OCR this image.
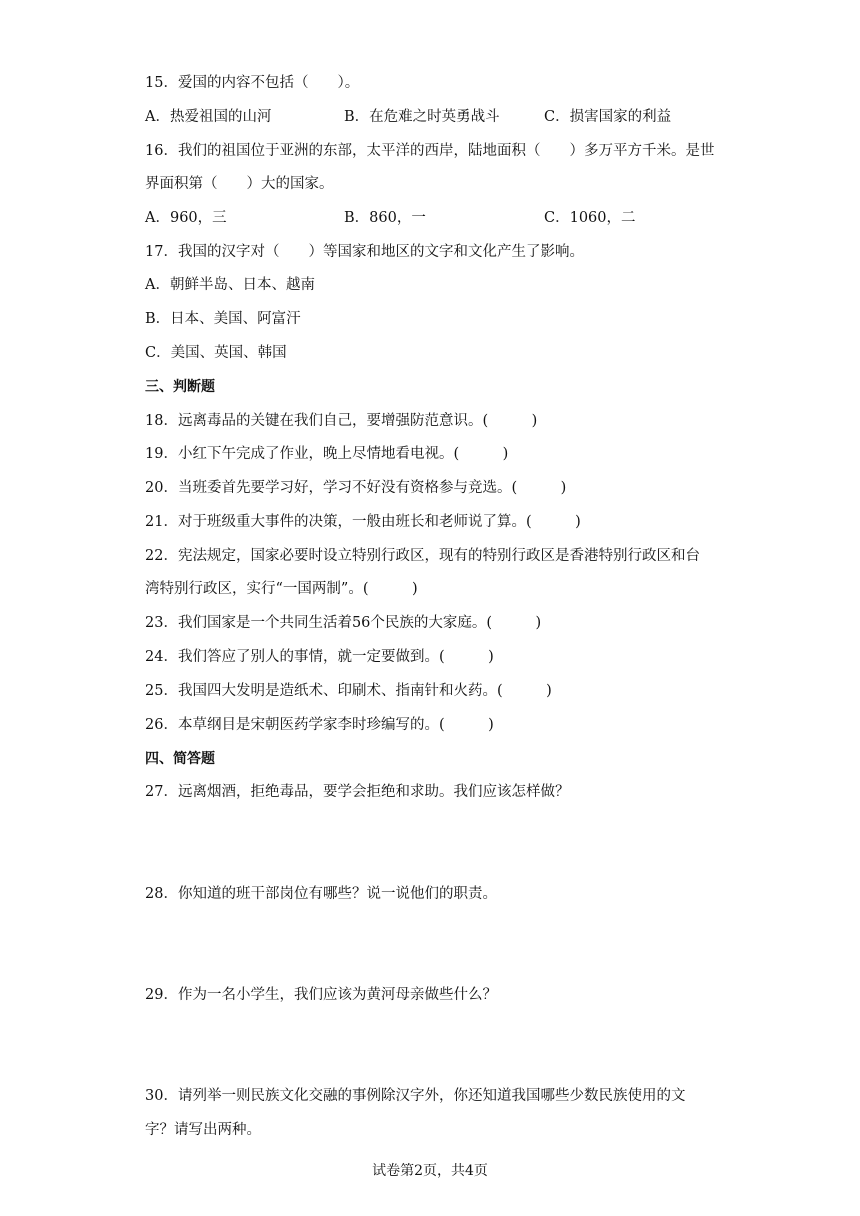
15．爱国的内容不包括（　　）。
A．热爱祖国的山河	B．在危难之时英勇战斗	C．损害国家的利益
16．我们的祖国位于亚洲的东部，太平洋的西岸，陆地面积（　　）多万平方千米。是世
界面积第（　　）大的国家。
A．960，三	B．860，一	C．1060，二
17．我国的汉字对（　　）等国家和地区的文字和文化产生了影响。
A．朝鲜半岛、日本、越南
B．日本、美国、阿富汗
C．美国、英国、韩国
三、判断题
18．远离毒品的关键在我们自己，要增强防范意识。(　　　)
19．小红下午完成了作业，晚上尽情地看电视。(　　　)
20．当班委首先要学习好，学习不好没有资格参与竞选。(　　　)
21．对于班级重大事件的决策，一般由班长和老师说了算。(　　　)
22．宪法规定，国家必要时设立特别行政区，现有的特别行政区是香港特别行政区和台
湾特别行政区，实行“一国两制”。(　　　)
23．我们国家是一个共同生活着56个民族的大家庭。(　　　)
24．我们答应了别人的事情，就一定要做到。(　　　)
25．我国四大发明是造纸术、印刷术、指南针和火药。(　　　)
26．本草纲目是宋朝医药学家李时珍编写的。(　　　)
四、简答题
27．远离烟酒，拒绝毒品，要学会拒绝和求助。我们应该怎样做？
28．你知道的班干部岗位有哪些？说一说他们的职责。
29．作为一名小学生，我们应该为黄河母亲做些什么？
30．请列举一则民族文化交融的事例除汉字外，你还知道我国哪些少数民族使用的文
字？请写出两种。
试卷第2页，共4页
